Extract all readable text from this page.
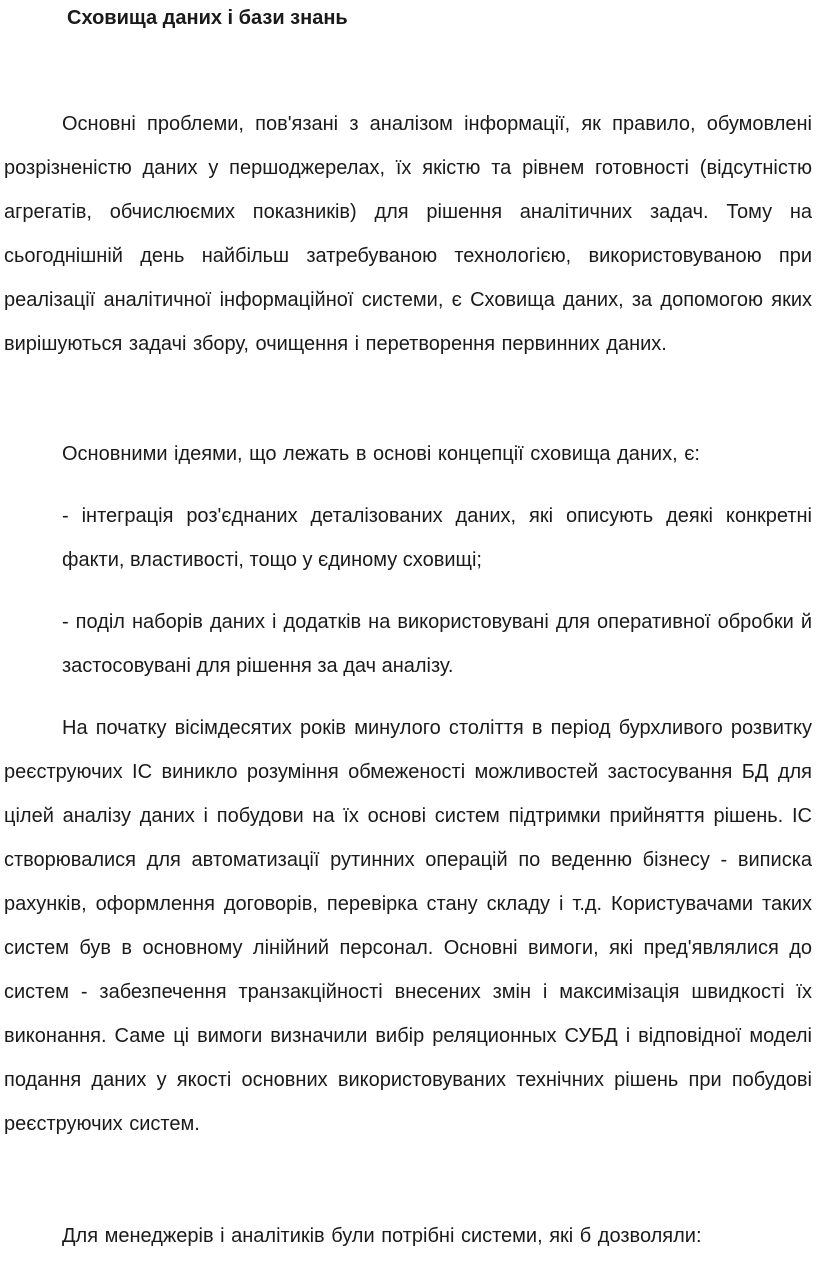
Сховища даних і бази знань

Основні проблеми, пов'язані з аналізом інформації, як правило, обумовлені розрізненістю даних у першоджерелах, їх якістю та рівнем готовності (відсутністю агрегатів, обчислюємих показників) для рішення аналітичних задач. Тому на сьогоднішній день найбільш затребуваною технологією, використовуваною при реалізації аналітичної інформаційної системи, є Сховища даних, за допомогою яких вирішуються задачі збору, очищення і перетворення первинних даних.

Основними ідеями, що лежать в основі концепції сховища даних, є:

- інтеграція роз'єднаних деталізованих даних, які описують деякі конкретні факти, властивості, тощо у єдиному сховищі;

- поділ наборів даних і додатків на використовувані для оперативної обробки й застосовувані для рішення за дач аналізу.

На початку вісімдесятих років минулого століття в період бурхливого розвитку реєструючих ІС виникло розуміння обмеженості можливостей застосування БД для цілей аналізу даних і побудови на їх основі систем підтримки прийняття рішень. ІС створювалися для автоматизації рутинних операцій по веденню бізнесу - виписка рахунків, оформлення договорів, перевірка стану складу і т.д. Користувачами таких систем був в основному лінійний персонал. Основні вимоги, які пред'являлися до систем - забезпечення транзакційності внесених змін і максимізація швидкості їх виконання. Саме ці вимоги визначили вибір реляционных СУБД і відповідної моделі подання даних у якості основних використовуваних технічних рішень при побудові реєструючих систем.

Для менеджерів і аналітиків були потрібні системи, які б дозволяли:
